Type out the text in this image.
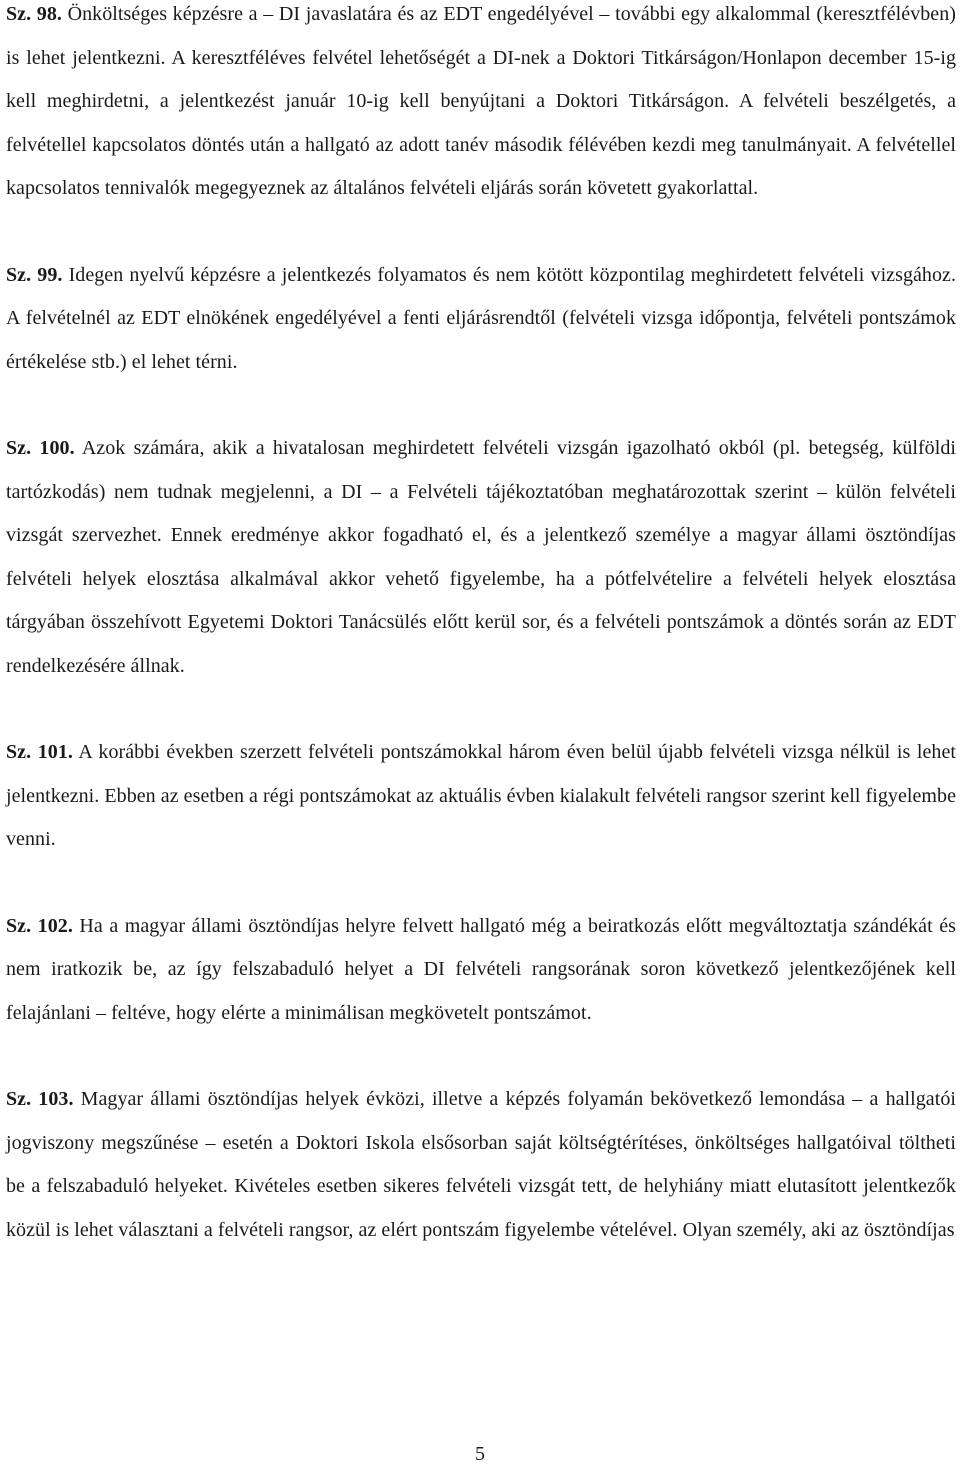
Sz. 98. Önköltséges képzésre a – DI javaslatára és az EDT engedélyével – további egy alkalommal (keresztfélévben) is lehet jelentkezni. A keresztféléves felvétel lehetőségét a DI-nek a Doktori Titkárságon/Honlapon december 15-ig kell meghirdetni, a jelentkezést január 10-ig kell benyújtani a Doktori Titkárságon. A felvételi beszélgetés, a felvétellel kapcsolatos döntés után a hallgató az adott tanév második félévében kezdi meg tanulmányait. A felvétellel kapcsolatos tennivalók megegyeznek az általános felvételi eljárás során követett gyakorlattal.

Sz. 99. Idegen nyelvű képzésre a jelentkezés folyamatos és nem kötött központilag meghirdetett felvételi vizsgához. A felvételnél az EDT elnökének engedélyével a fenti eljárásrendtől (felvételi vizsga időpontja, felvételi pontszámok értékelése stb.) el lehet térni.

Sz. 100. Azok számára, akik a hivatalosan meghirdetett felvételi vizsgán igazolható okból (pl. betegség, külföldi tartózkodás) nem tudnak megjelenni, a DI – a Felvételi tájékoztatóban meghatározottak szerint – külön felvételi vizsgát szervezhet. Ennek eredménye akkor fogadható el, és a jelentkező személye a magyar állami ösztöndíjas felvételi helyek elosztása alkalmával akkor vehető figyelembe, ha a pótfelvételire a felvételi helyek elosztása tárgyában összehívott Egyetemi Doktori Tanácsülés előtt kerül sor, és a felvételi pontszámok a döntés során az EDT rendelkezésére állnak.

Sz. 101. A korábbi években szerzett felvételi pontszámokkal három éven belül újabb felvételi vizsga nélkül is lehet jelentkezni. Ebben az esetben a régi pontszámokat az aktuális évben kialakult felvételi rangsor szerint kell figyelembe venni.

Sz. 102. Ha a magyar állami ösztöndíjas helyre felvett hallgató még a beiratkozás előtt megváltoztatja szándékát és nem iratkozik be, az így felszabaduló helyet a DI felvételi rangsorának soron következő jelentkezőjének kell felajánlani – feltéve, hogy elérte a minimálisan megkövetelt pontszámot.

Sz. 103. Magyar állami ösztöndíjas helyek évközi, illetve a képzés folyamán bekövetkező lemondása – a hallgatói jogviszony megszűnése – esetén a Doktori Iskola elsősorban saját költségtérítéses, önköltséges hallgatóival töltheti be a felszabaduló helyeket. Kivételes esetben sikeres felvételi vizsgát tett, de helyhiány miatt elutasított jelentkezők közül is lehet választani a felvételi rangsor, az elért pontszám figyelembe vételével. Olyan személy, aki az ösztöndíjas

5
